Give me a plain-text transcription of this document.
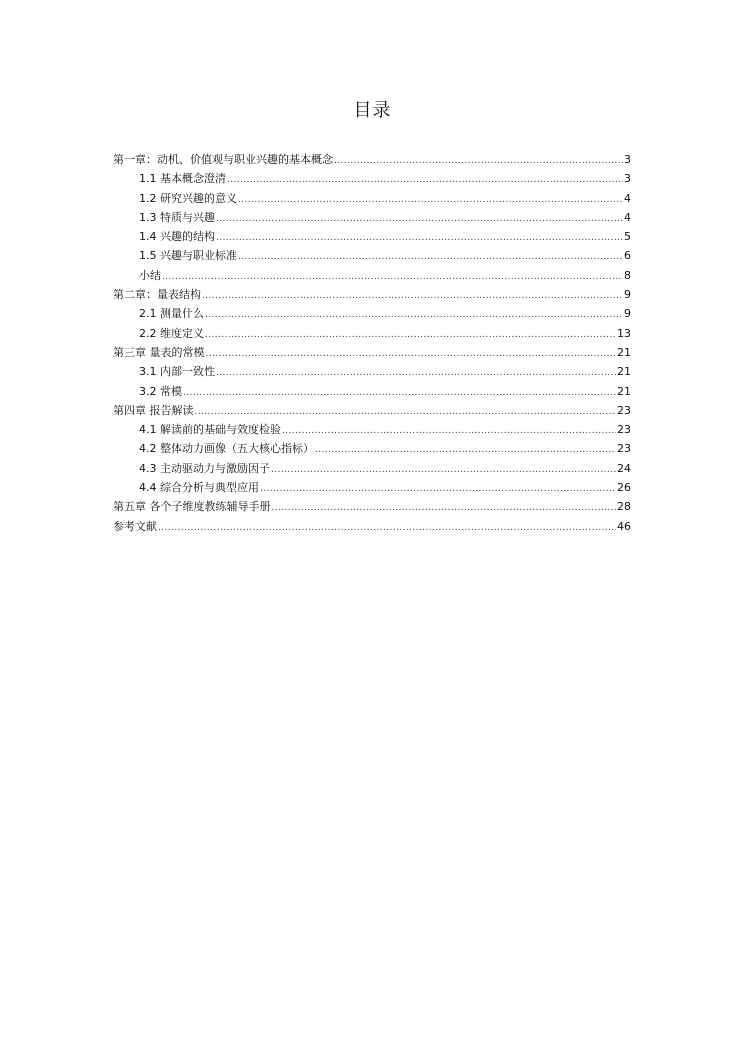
目录
第一章：动机、价值观与职业兴趣的基本概念 .....	3
1.1 基本概念澄清 .....	3
1.2 研究兴趣的意义 .....	4
1.3 特质与兴趣 .....	4
1.4 兴趣的结构 .....	5
1.5 兴趣与职业标准 .....	6
小结 .....	8
第二章：量表结构 .....	9
2.1 测量什么 .....	9
2.2 维度定义 .....	13
第三章 量表的常模 .....	21
3.1 内部一致性 .....	21
3.2 常模 .....	21
第四章 报告解读 .....	23
4.1 解读前的基础与效度检验 .....	23
4.2 整体动力画像（五大核心指标） .....	23
4.3 主动驱动力与激励因子 .....	24
4.4 综合分析与典型应用 .....	26
第五章 各个子维度教练辅导手册 .....	28
参考文献 .....	46
